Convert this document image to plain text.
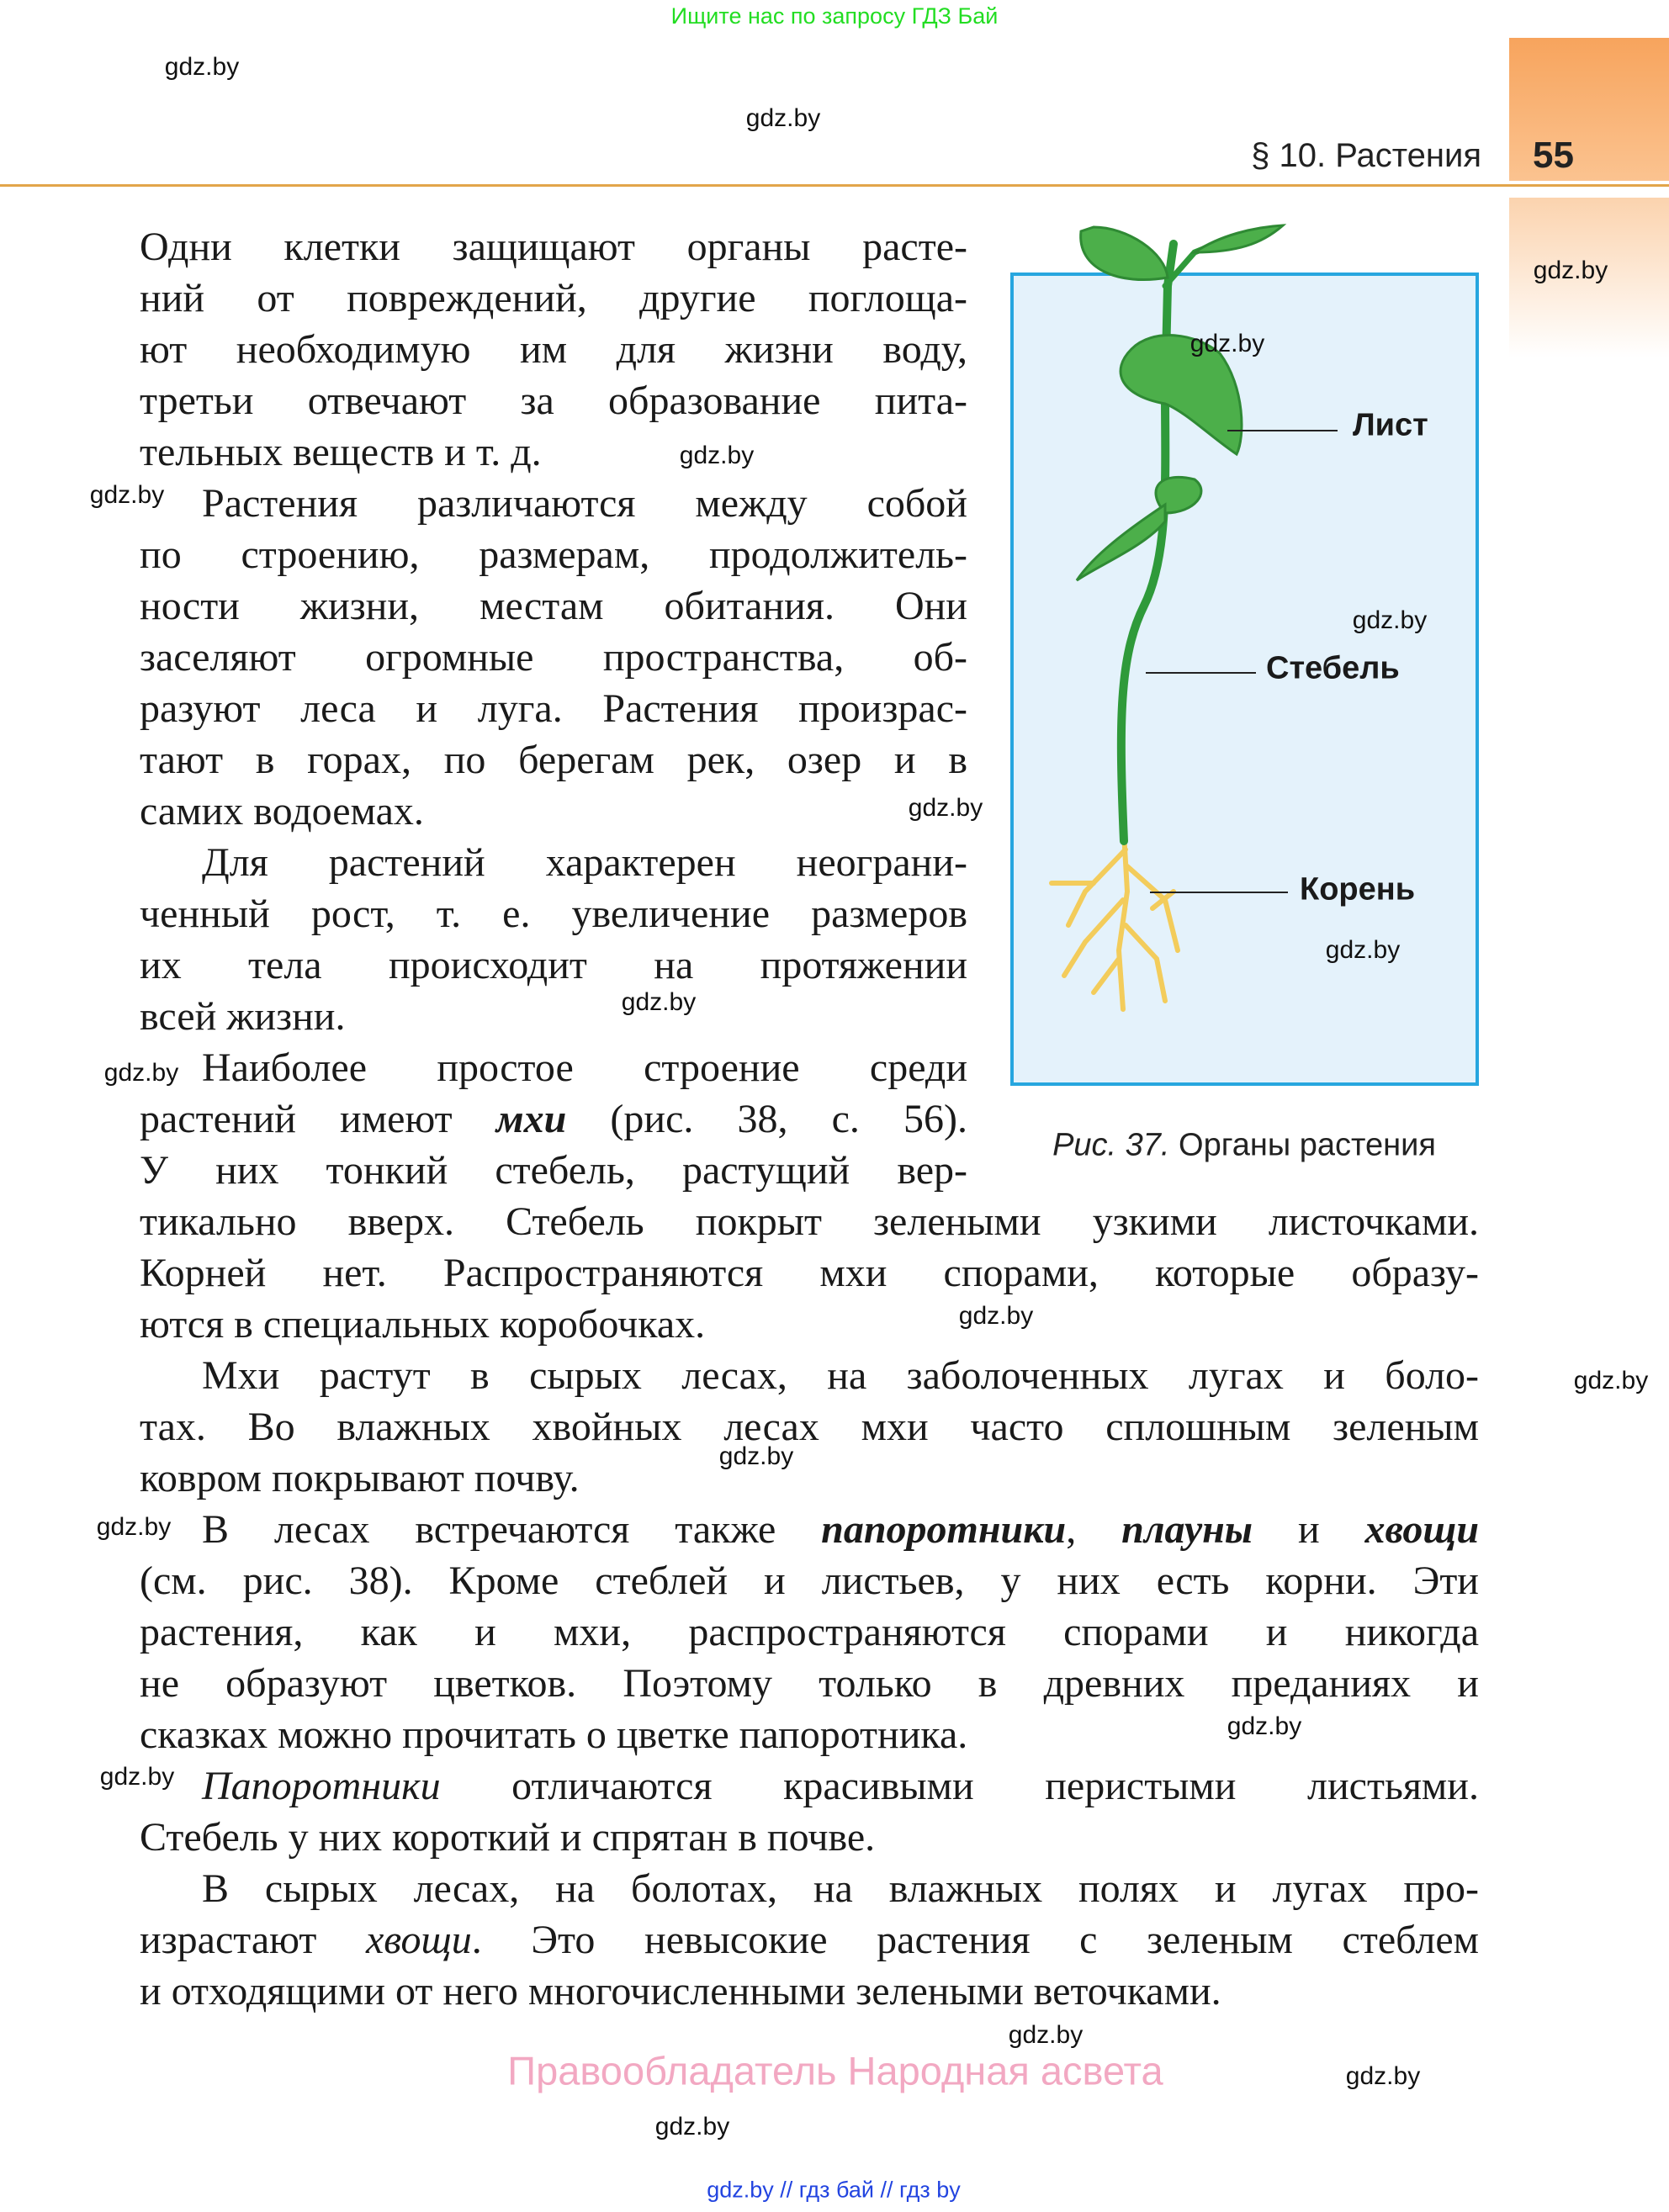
Ищите нас по запросу ГДЗ Бай
§ 10. Растения 55
Одни клетки защищают органы расте-
ний от повреждений, другие поглоща-
ют необходимую им для жизни воду,
третьи отвечают за образование пита-
тельных веществ и т. д.
Растения различаются между собой
по строению, размерам, продолжитель-
ности жизни, местам обитания. Они
заселяют огромные пространства, об-
разуют леса и луга. Растения произрас-
тают в горах, по берегам рек, озер и в
самих водоемах.
Для растений характерен неограни-
ченный рост, т. е. увеличение размеров
их тела происходит на протяжении
всей жизни.
Наиболее простое строение среди
растений имеют мхи (рис. 38, с. 56).
У них тонкий стебель, растущий вер-
тикально вверх. Стебель покрыт зелеными узкими листочками.
Корней нет. Распространяются мхи спорами, которые образу-
ются в специальных коробочках.
Мхи растут в сырых лесах, на заболоченных лугах и боло-
тах. Во влажных хвойных лесах мхи часто сплошным зеленым
ковром покрывают почву.
В лесах встречаются также папоротники, плауны и хвощи
(см. рис. 38). Кроме стеблей и листьев, у них есть корни. Эти
растения, как и мхи, распространяются спорами и никогда
не образуют цветков. Поэтому только в древних преданиях и
сказках можно прочитать о цветке папоротника.
Папоротники отличаются красивыми перистыми листьями.
Стебель у них короткий и спрятан в почве.
В сырых лесах, на болотах, на влажных полях и лугах про-
израстают хвощи. Это невысокие растения с зеленым стеблем
и отходящими от него многочисленными зелеными веточками.
Лист
Стебель
Корень
Рис. 37. Органы растения
gdz.by
gdz.by
gdz.by
gdz.by
gdz.by
gdz.by
gdz.by
gdz.by
gdz.by
gdz.by
gdz.by
gdz.by
gdz.by
gdz.by
gdz.by
gdz.by
gdz.by
gdz.by
gdz.by
gdz.by
Правообладатель Народная асвета
gdz.by // гдз бай // гдз by
